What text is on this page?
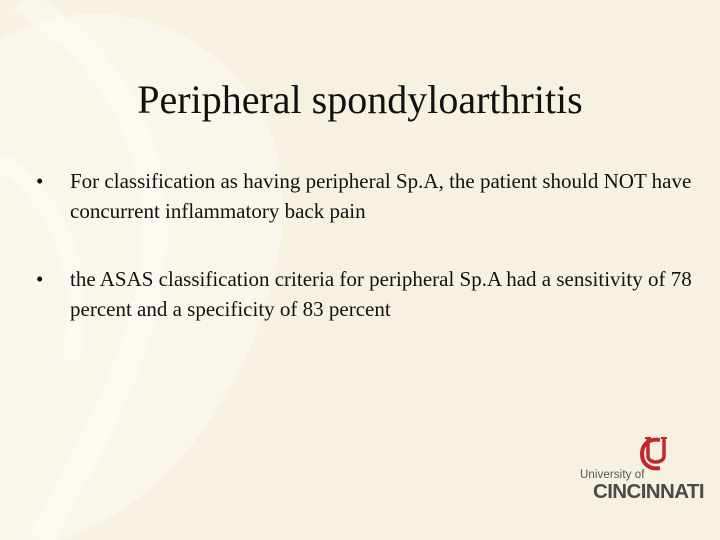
Peripheral spondyloarthritis
• For classification as having peripheral Sp.A, the patient should NOT have concurrent inflammatory back pain
• the ASAS classification criteria for peripheral Sp.A had a sensitivity of 78 percent and a specificity of 83 percent
University of
CINCINNATI
